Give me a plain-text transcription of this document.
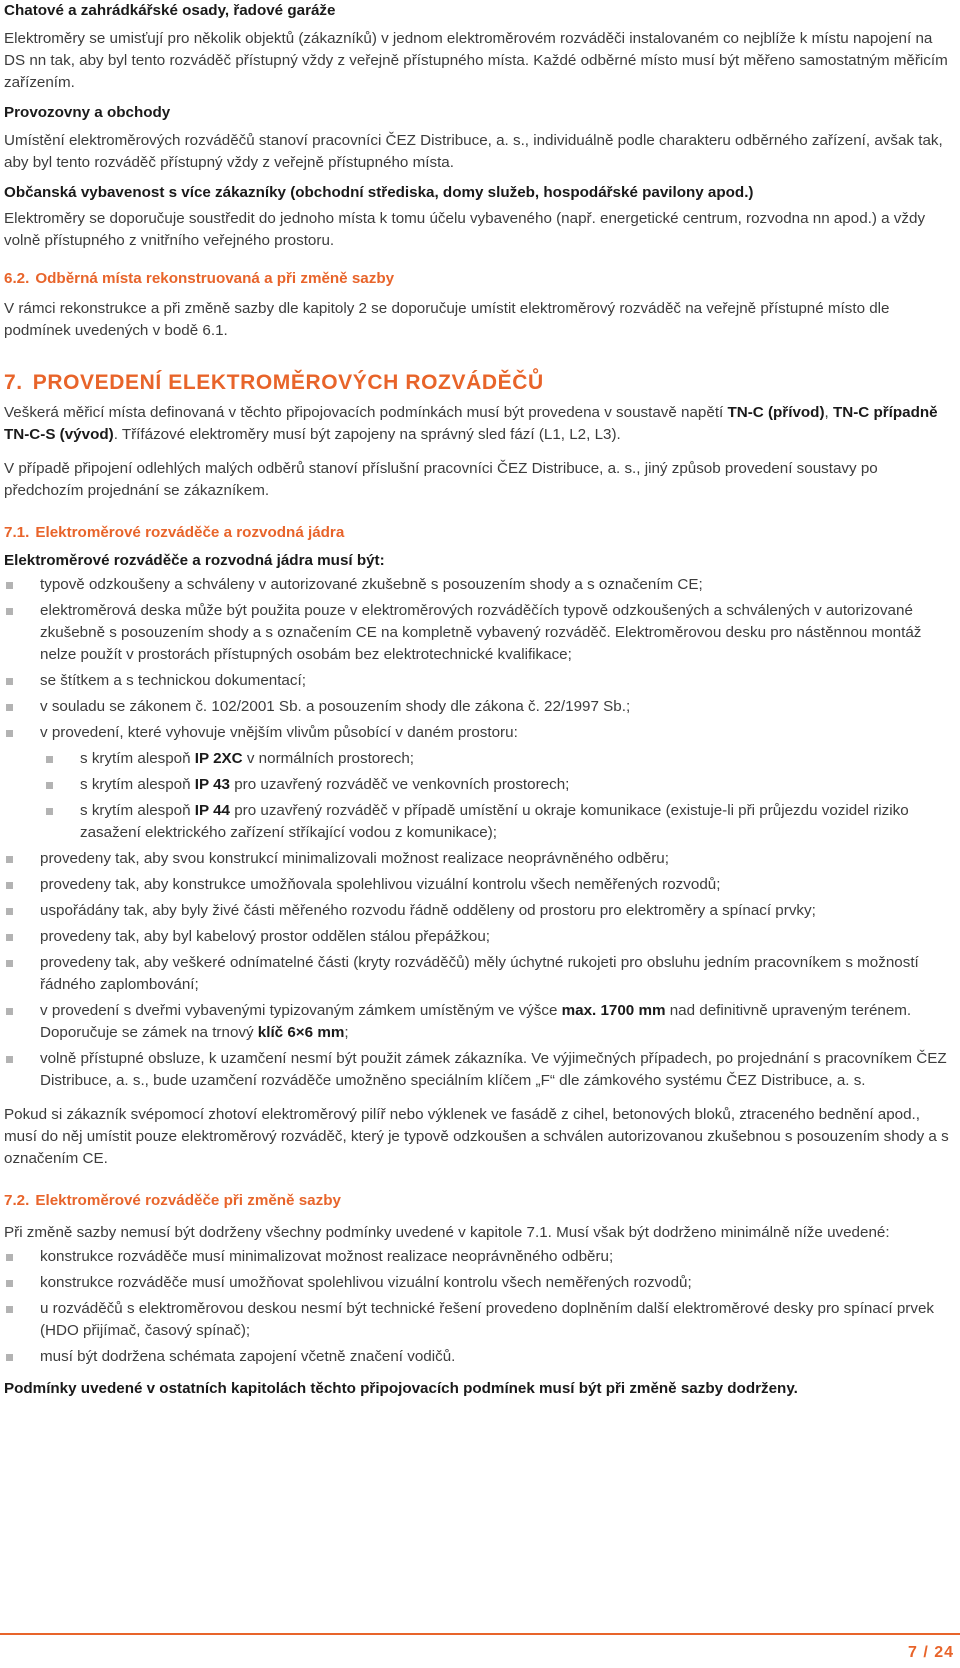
Chatové a zahrádkářské osady, řadové garáže

Elektroměry se umisťují pro několik objektů (zákazníků) v jednom elektroměrovém rozváděči instalovaném co nejblíže k místu napojení na DS nn tak, aby byl tento rozváděč přístupný vždy z veřejně přístupného místa. Každé odběrné místo musí být měřeno samostatným měřicím zařízením.

Provozovny a obchody

Umístění elektroměrových rozváděčů stanoví pracovníci ČEZ Distribuce, a. s., individuálně podle charakteru odběrného zařízení, avšak tak, aby byl tento rozváděč přístupný vždy z veřejně přístupného místa.

Občanská vybavenost s více zákazníky (obchodní střediska, domy služeb, hospodářské pavilony apod.)

Elektroměry se doporučuje soustředit do jednoho místa k tomu účelu vybaveného (např. energetické centrum, rozvodna nn apod.) a vždy volně přístupného z vnitřního veřejného prostoru.

6.2. Odběrná místa rekonstruovaná a při změně sazby

V rámci rekonstrukce a při změně sazby dle kapitoly 2 se doporučuje umístit elektroměrový rozváděč na veřejně přístupné místo dle podmínek uvedených v bodě 6.1.

7. PROVEDENÍ ELEKTROMĚROVÝCH ROZVÁDĚČŮ

Veškerá měřicí místa definovaná v těchto připojovacích podmínkách musí být provedena v soustavě napětí TN-C (přívod), TN-C případně TN-C-S (vývod). Třífázové elektroměry musí být zapojeny na správný sled fází (L1, L2, L3).

V případě připojení odlehlých malých odběrů stanoví příslušní pracovníci ČEZ Distribuce, a. s., jiný způsob provedení soustavy po předchozím projednání se zákazníkem.

7.1. Elektroměrové rozváděče a rozvodná jádra

Elektroměrové rozváděče a rozvodná jádra musí být:

typově odzkoušeny a schváleny v autorizované zkušebně s posouzením shody a s označením CE;
elektroměrová deska může být použita pouze v elektroměrových rozváděčích typově odzkoušených a schválených v autorizované zkušebně s posouzením shody a s označením CE na kompletně vybavený rozváděč. Elektroměrovou desku pro nástěnnou montáž nelze použít v prostorách přístupných osobám bez elektrotechnické kvalifikace;
se štítkem a s technickou dokumentací;
v souladu se zákonem č. 102/2001 Sb. a posouzením shody dle zákona č. 22/1997 Sb.;
v provedení, které vyhovuje vnějším vlivům působící v daném prostoru:
s krytím alespoň IP 2XC v normálních prostorech;
s krytím alespoň IP 43 pro uzavřený rozváděč ve venkovních prostorech;
s krytím alespoň IP 44 pro uzavřený rozváděč v případě umístění u okraje komunikace (existuje-li při průjezdu vozidel riziko zasažení elektrického zařízení stříkající vodou z komunikace);
provedeny tak, aby svou konstrukcí minimalizovali možnost realizace neoprávněného odběru;
provedeny tak, aby konstrukce umožňovala spolehlivou vizuální kontrolu všech neměřených rozvodů;
uspořádány tak, aby byly živé části měřeného rozvodu řádně odděleny od prostoru pro elektroměry a spínací prvky;
provedeny tak, aby byl kabelový prostor oddělen stálou přepážkou;
provedeny tak, aby veškeré odnímatelné části (kryty rozváděčů) měly úchytné rukojeti pro obsluhu jedním pracovníkem s možností řádného zaplombování;
v provedení s dveřmi vybavenými typizovaným zámkem umístěným ve výšce max. 1700 mm nad definitivně upraveným terénem. Doporučuje se zámek na trnový klíč 6×6 mm;
volně přístupné obsluze, k uzamčení nesmí být použit zámek zákazníka. Ve výjimečných případech, po projednání s pracovníkem ČEZ Distribuce, a. s., bude uzamčení rozváděče umožněno speciálním klíčem „F“ dle zámkového systému ČEZ Distribuce, a. s.

Pokud si zákazník svépomocí zhotoví elektroměrový pilíř nebo výklenek ve fasádě z cihel, betonových bloků, ztraceného bednění apod., musí do něj umístit pouze elektroměrový rozváděč, který je typově odzkoušen a schválen autorizovanou zkušebnou s posouzením shody a s označením CE.

7.2. Elektroměrové rozváděče při změně sazby

Při změně sazby nemusí být dodrženy všechny podmínky uvedené v kapitole 7.1. Musí však být dodrženo minimálně níže uvedené:

konstrukce rozváděče musí minimalizovat možnost realizace neoprávněného odběru;
konstrukce rozváděče musí umožňovat spolehlivou vizuální kontrolu všech neměřených rozvodů;
u rozváděčů s elektroměrovou deskou nesmí být technické řešení provedeno doplněním další elektroměrové desky pro spínací prvek (HDO přijímač, časový spínač);
musí být dodržena schémata zapojení včetně značení vodičů.

Podmínky uvedené v ostatních kapitolách těchto připojovacích podmínek musí být při změně sazby dodrženy.

7 / 24
